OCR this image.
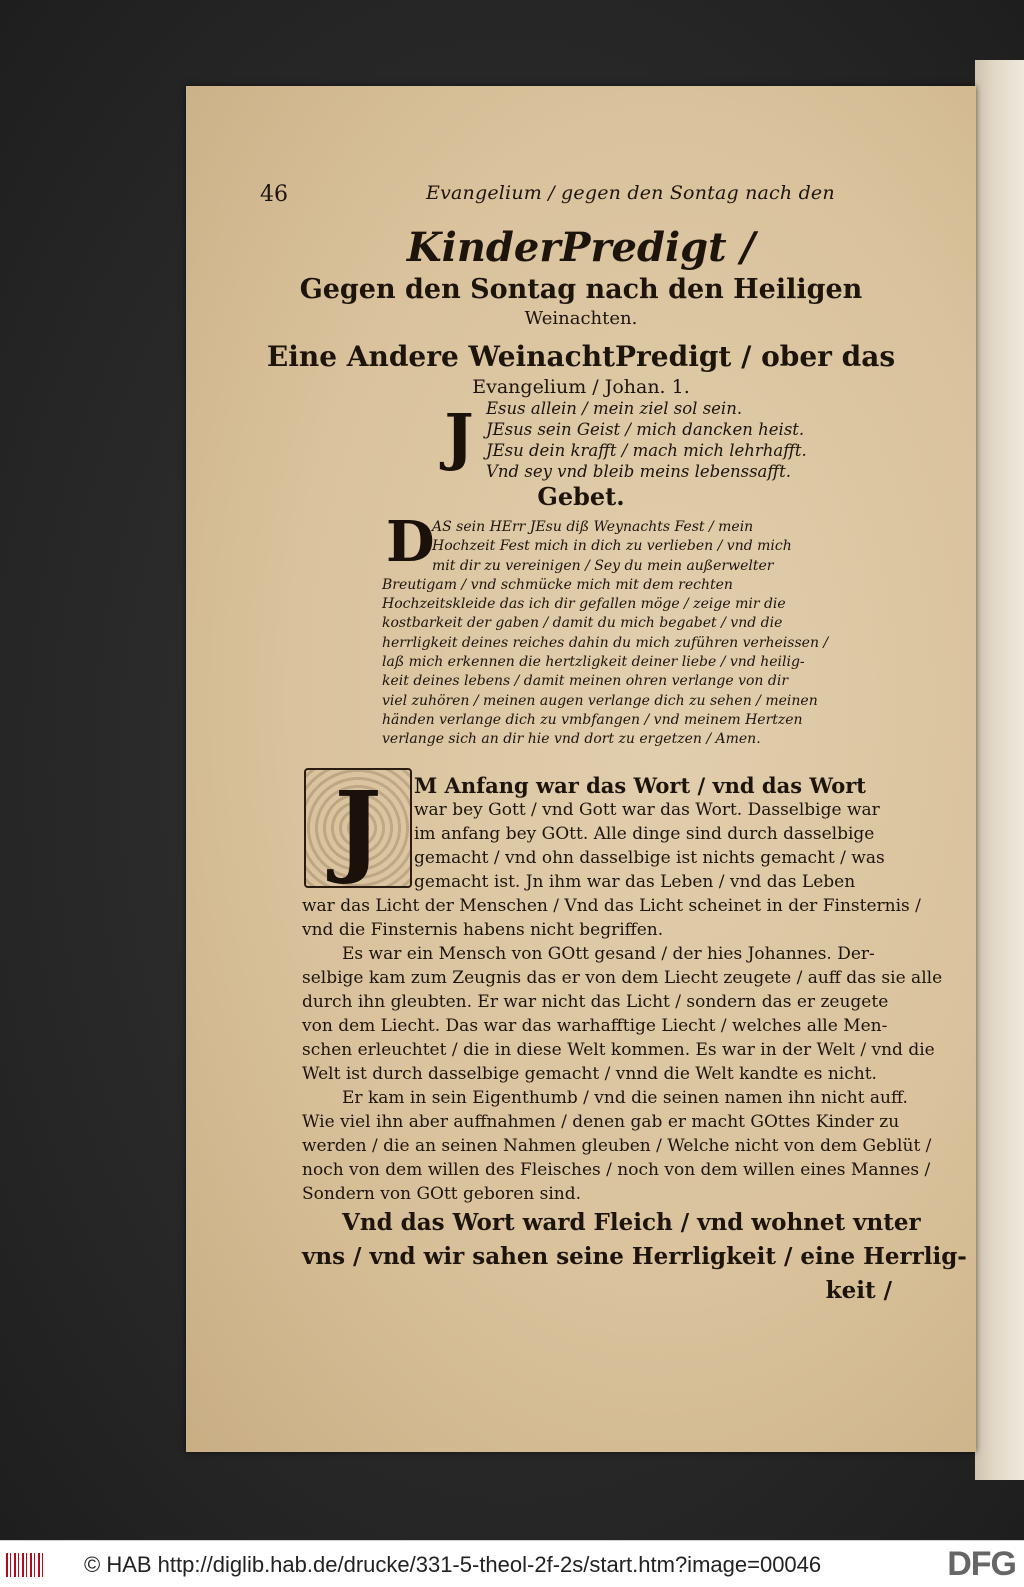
46	Evangelium / gegen den Sontag nach den
KinderPredigt /
Gegen den Sontag nach den Heiligen
Weinachten.
Eine Andere WeinachtPredigt / ober das
Evangelium / Johan. 1.
J Esus allein / mein ziel sol sein.
JEsus sein Geist / mich dancken heist.
JEsu dein krafft / mach mich lehrhafft.
Vnd sey vnd bleib meins lebenssafft.
Gebet.
D
AS sein HErr JEsu diß Weynachts Fest / mein
Hochzeit Fest mich in dich zu verlieben / vnd mich
mit dir zu vereinigen / Sey du mein außerwelter
Breutigam / vnd schmücke mich mit dem rechten
Hochzeitskleide das ich dir gefallen möge / zeige mir die
kostbarkeit der gaben / damit du mich begabet / vnd die
herrligkeit deines reiches dahin du mich zuführen verheissen /
laß mich erkennen die hertzligkeit deiner liebe / vnd heilig-
keit deines lebens / damit meinen ohren verlange von dir
viel zuhören / meinen augen verlange dich zu sehen / meinen
händen verlange dich zu vmbfangen / vnd meinem Hertzen
verlange sich an dir hie vnd dort zu ergetzen / Amen.
J	M Anfang war das Wort / vnd das Wort
war bey Gott / vnd Gott war das Wort. Dasselbige war
im anfang bey GOtt. Alle dinge sind durch dasselbige
gemacht / vnd ohn dasselbige ist nichts gemacht / was
gemacht ist. Jn ihm war das Leben / vnd das Leben
war das Licht der Menschen / Vnd das Licht scheinet in der Finsternis /
vnd die Finsternis habens nicht begriffen.
Es war ein Mensch von GOtt gesand / der hies Johannes. Der-
selbige kam zum Zeugnis das er von dem Liecht zeugete / auff das sie alle
durch ihn gleubten. Er war nicht das Licht / sondern das er zeugete
von dem Liecht. Das war das warhafftige Liecht / welches alle Men-
schen erleuchtet / die in diese Welt kommen. Es war in der Welt / vnd die
Welt ist durch dasselbige gemacht / vnnd die Welt kandte es nicht.
Er kam in sein Eigenthumb / vnd die seinen namen ihn nicht auff.
Wie viel ihn aber auffnahmen / denen gab er macht GOttes Kinder zu
werden / die an seinen Nahmen gleuben / Welche nicht von dem Geblüt /
noch von dem willen des Fleisches / noch von dem willen eines Mannes /
Sondern von GOtt geboren sind.
Vnd das Wort ward Fleich / vnd wohnet vnter
vns / vnd wir sahen seine Herrligkeit / eine Herrlig-
keit /
© HAB http://diglib.hab.de/drucke/331-5-theol-2f-2s/start.htm?image=00046	DFG
